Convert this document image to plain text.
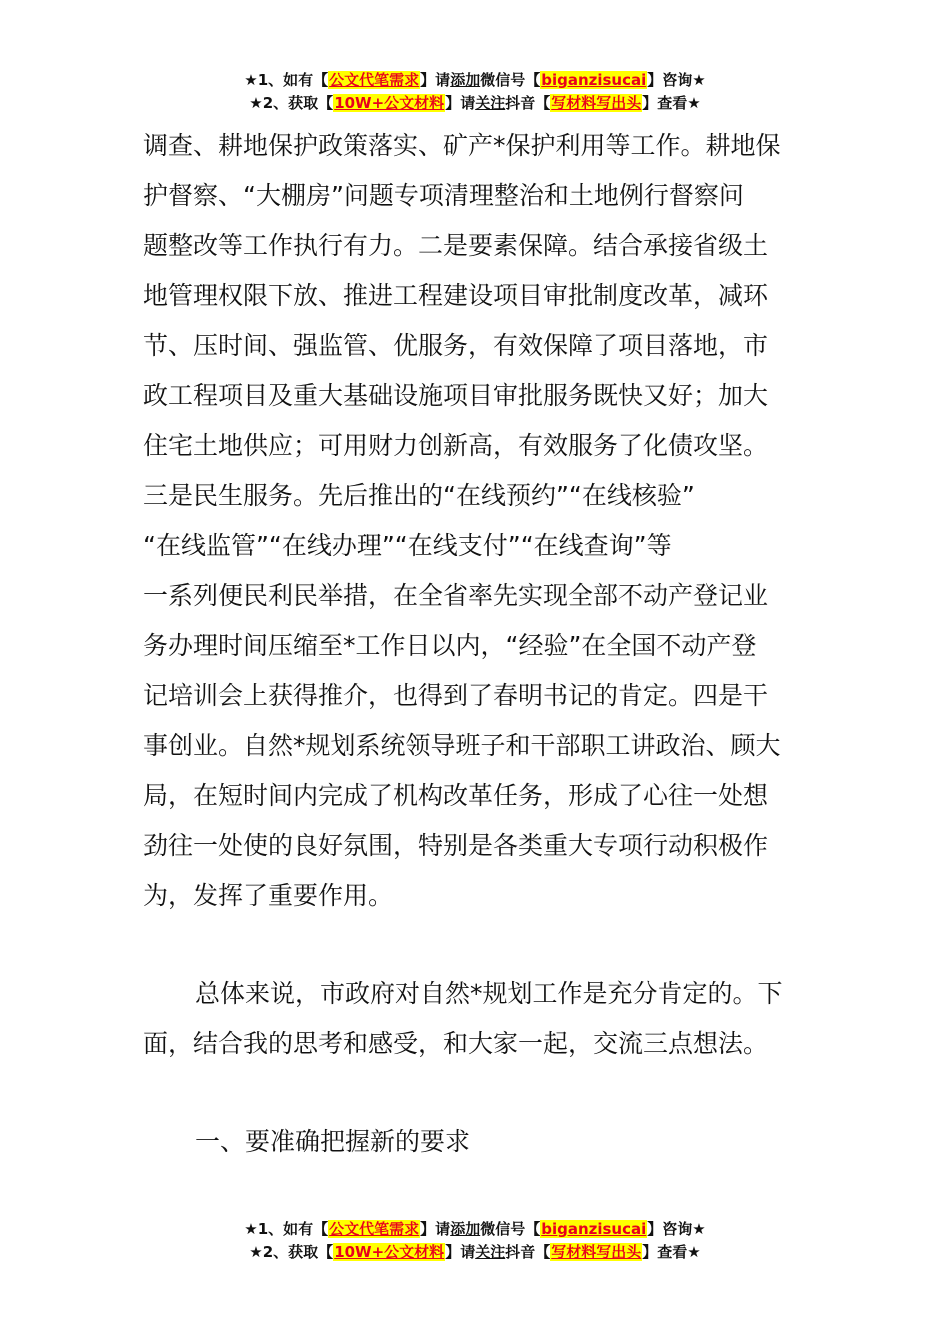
★1、如有【公文代笔需求】请添加微信号【biganzisucai】咨询★
★2、获取【10W+公文材料】请关注抖音【写材料写出头】查看★
调查、耕地保护政策落实、矿产*保护利用等工作。耕地保
护督察、“大棚房”问题专项清理整治和土地例行督察问
题整改等工作执行有力。二是要素保障。结合承接省级土
地管理权限下放、推进工程建设项目审批制度改革，减环
节、压时间、强监管、优服务，有效保障了项目落地，市
政工程项目及重大基础设施项目审批服务既快又好；加大
住宅土地供应；可用财力创新高，有效服务了化债攻坚。
三是民生服务。先后推出的“在线预约”“在线核验”
“在线监管”“在线办理”“在线支付”“在线查询”等
一系列便民利民举措，在全省率先实现全部不动产登记业
务办理时间压缩至*工作日以内，“经验”在全国不动产登
记培训会上获得推介，也得到了春明书记的肯定。四是干
事创业。自然*规划系统领导班子和干部职工讲政治、顾大
局，在短时间内完成了机构改革任务，形成了心往一处想
劲往一处使的良好氛围，特别是各类重大专项行动积极作
为，发挥了重要作用。
总体来说，市政府对自然*规划工作是充分肯定的。下
面，结合我的思考和感受，和大家一起，交流三点想法。
一、要准确把握新的要求
★1、如有【公文代笔需求】请添加微信号【biganzisucai】咨询★
★2、获取【10W+公文材料】请关注抖音【写材料写出头】查看★
